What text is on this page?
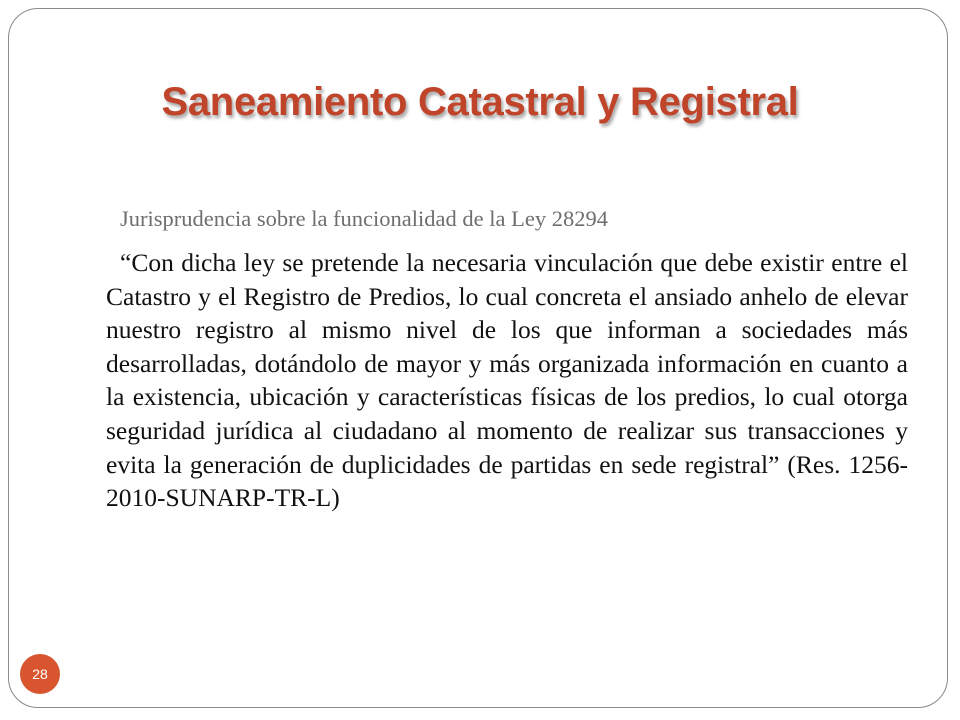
Saneamiento Catastral y Registral

Jurisprudencia sobre la funcionalidad de la Ley 28294

“Con dicha ley se pretende la necesaria vinculación que debe existir entre el Catastro y el Registro de Predios, lo cual concreta el ansiado anhelo de elevar nuestro registro al mismo nivel de los que informan a sociedades más desarrolladas, dotándolo de mayor y más organizada información en cuanto a la existencia, ubicación y características físicas de los predios, lo cual otorga seguridad jurídica al ciudadano al momento de realizar sus transacciones y evita la generación de duplicidades de partidas en sede registral” (Res. 1256-2010-SUNARP-TR-L)

28
